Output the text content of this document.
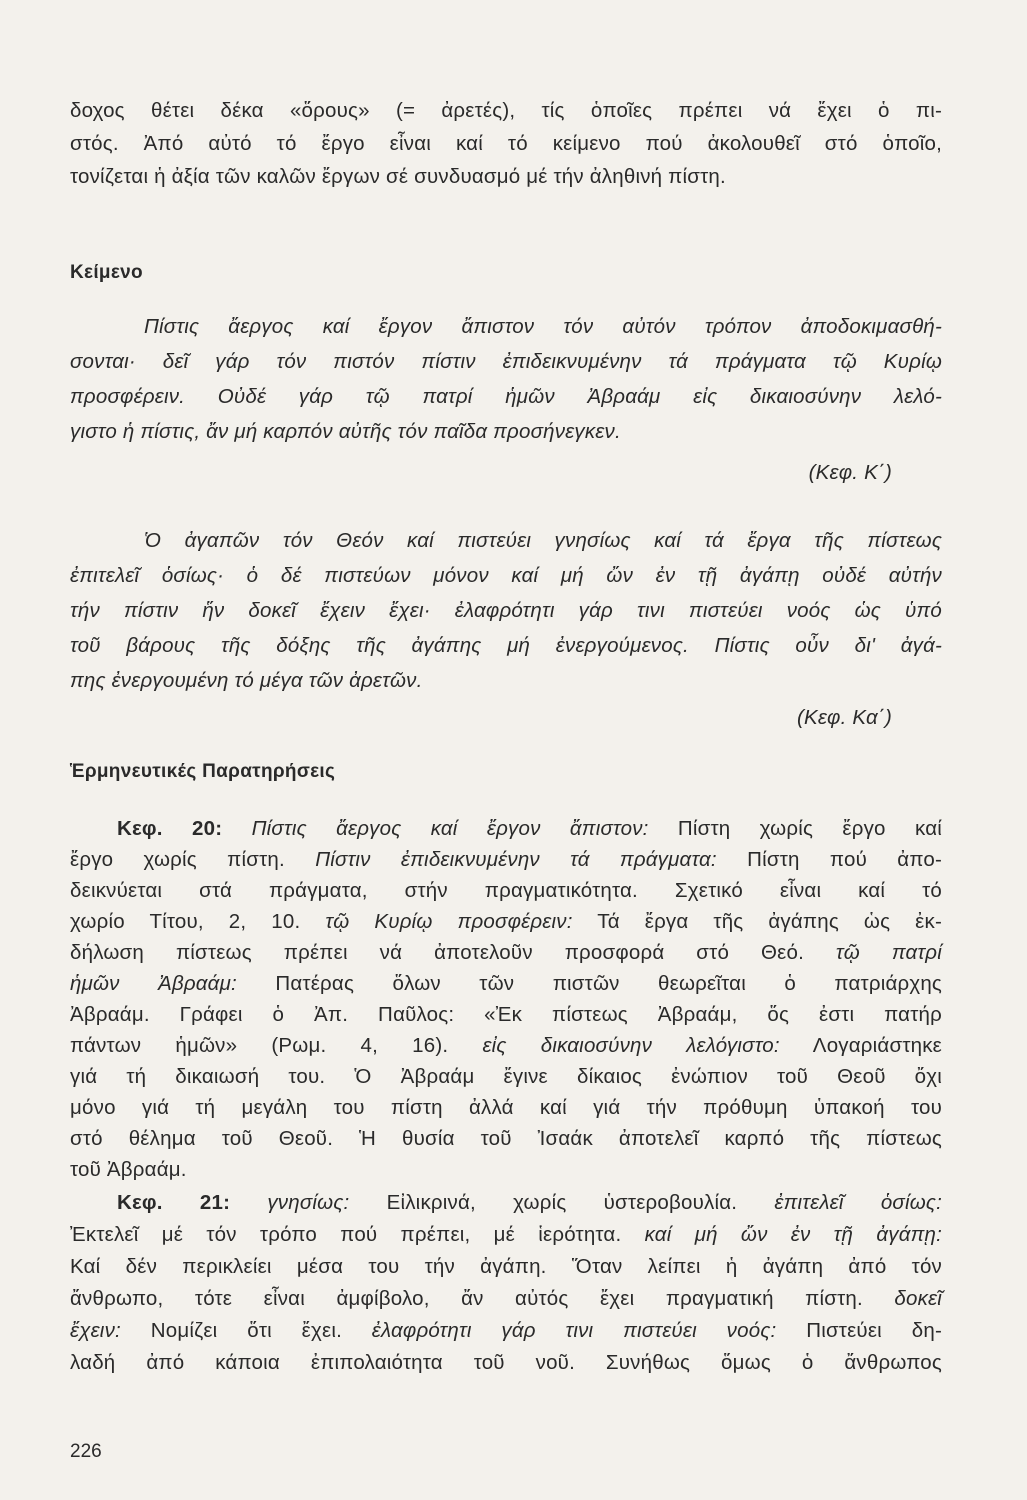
δοχος θέτει δέκα «ὅρους» (= ἀρετές), τίς ὁποῖες πρέπει νά ἔχει ὁ πι-
στός. Ἀπό αὐτό τό ἔργο εἶναι καί τό κείμενο πού ἀκολουθεῖ στό ὁποῖο,
τονίζεται ἡ ἀξία τῶν καλῶν ἔργων σέ συνδυασμό μέ τήν ἀληθινή πίστη.
Κείμενο
Πίστις ἄεργος καί ἔργον ἄπιστον τόν αὐτόν τρόπον ἀποδοκιμασθή-
σονται· δεῖ γάρ τόν πιστόν πίστιν ἐπιδεικνυμένην τά πράγματα τῷ Κυρίῳ
προσφέρειν. Οὐδέ γάρ τῷ πατρί ἡμῶν Ἀβραάμ εἰς δικαιοσύνην λελό-
γιστο ἡ πίστις, ἄν μή καρπόν αὐτῆς τόν παῖδα προσήνεγκεν.
(Κεφ. Κ΄)
Ὁ ἀγαπῶν τόν Θεόν καί πιστεύει γνησίως καί τά ἔργα τῆς πίστεως
ἐπιτελεῖ ὁσίως· ὁ δέ πιστεύων μόνον καί μή ὤν ἐν τῇ ἀγάπῃ οὐδέ αὐτήν
τήν πίστιν ἥν δοκεῖ ἔχειν ἔχει· ἐλαφρότητι γάρ τινι πιστεύει νοός ὡς ὑπό
τοῦ βάρους τῆς δόξης τῆς ἀγάπης μή ἐνεργούμενος. Πίστις οὖν δι' ἀγά-
πης ἐνεργουμένη τό μέγα τῶν ἀρετῶν.
(Κεφ. Κα΄)
Ἑρμηνευτικές Παρατηρήσεις
Κεφ. 20: Πίστις ἄεργος καί ἔργον ἄπιστον: Πίστη χωρίς ἔργο καί
ἔργο χωρίς πίστη. Πίστιν ἐπιδεικνυμένην τά πράγματα: Πίστη πού ἀπο-
δεικνύεται στά πράγματα, στήν πραγματικότητα. Σχετικό εἶναι καί τό
χωρίο Τίτου, 2, 10. τῷ Κυρίῳ προσφέρειν: Τά ἔργα τῆς ἀγάπης ὡς ἐκ-
δήλωση πίστεως πρέπει νά ἀποτελοῦν προσφορά στό Θεό. τῷ πατρί
ἡμῶν Ἀβραάμ: Πατέρας ὅλων τῶν πιστῶν θεωρεῖται ὁ πατριάρχης
Ἀβραάμ. Γράφει ὁ Ἀπ. Παῦλος: «Ἐκ πίστεως Ἀβραάμ, ὅς ἐστι πατήρ
πάντων ἡμῶν» (Ρωμ. 4, 16). εἰς δικαιοσύνην λελόγιστο: Λογαριάστηκε
γιά τή δικαιωσή του. Ὁ Ἀβραάμ ἔγινε δίκαιος ἐνώπιον τοῦ Θεοῦ ὄχι
μόνο γιά τή μεγάλη του πίστη ἀλλά καί γιά τήν πρόθυμη ὑπακοή του
στό θέλημα τοῦ Θεοῦ. Ἡ θυσία τοῦ Ἰσαάκ ἀποτελεῖ καρπό τῆς πίστεως
τοῦ Ἀβραάμ.
Κεφ. 21: γνησίως: Εἰλικρινά, χωρίς ὑστεροβουλία. ἐπιτελεῖ ὁσίως:
Ἐκτελεῖ μέ τόν τρόπο πού πρέπει, μέ ἱερότητα. καί μή ὤν ἐν τῇ ἀγάπῃ:
Καί δέν περικλείει μέσα του τήν ἀγάπη. Ὅταν λείπει ἡ ἀγάπη ἀπό τόν
ἄνθρωπο, τότε εἶναι ἀμφίβολο, ἄν αὐτός ἔχει πραγματική πίστη. δοκεῖ
ἔχειν: Νομίζει ὅτι ἔχει. ἐλαφρότητι γάρ τινι πιστεύει νοός: Πιστεύει δη-
λαδή ἀπό κάποια ἐπιπολαιότητα τοῦ νοῦ. Συνήθως ὅμως ὁ ἄνθρωπος
226
